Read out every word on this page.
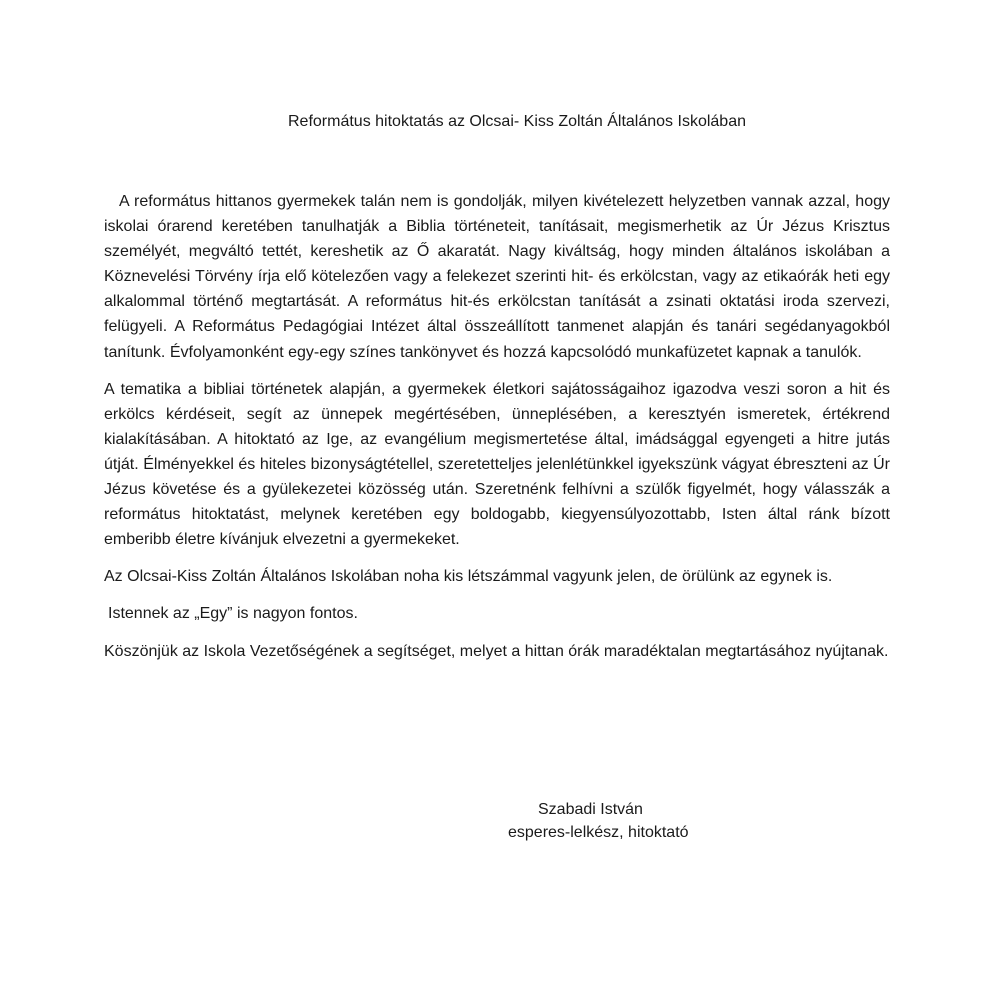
Református hitoktatás az Olcsai- Kiss Zoltán Általános Iskolában

A református hittanos gyermekek talán nem is gondolják, milyen kivételezett helyzetben vannak azzal, hogy iskolai órarend keretében tanulhatják a Biblia történeteit, tanításait, megismerhetik az Úr Jézus Krisztus személyét, megváltó tettét, kereshetik az Ő akaratát. Nagy kiváltság, hogy minden általános iskolában a Köznevelési Törvény írja elő kötelezően vagy a felekezet szerinti hit- és erkölcstan, vagy az etikaórák heti egy alkalommal történő megtartását. A református hit-és erkölcstan tanítását a zsinati oktatási iroda szervezi, felügyeli. A Református Pedagógiai Intézet által összeállított tanmenet alapján és tanári segédanyagokból tanítunk. Évfolyamonként egy-egy színes tankönyvet és hozzá kapcsolódó munkafüzetet kapnak a tanulók.

A tematika a bibliai történetek alapján, a gyermekek életkori sajátosságaihoz igazodva veszi soron a hit és erkölcs kérdéseit, segít az ünnepek megértésében, ünneplésében, a keresztyén ismeretek, értékrend kialakításában. A hitoktató az Ige, az evangélium megismertetése által, imádsággal egyengeti a hitre jutás útját. Élményekkel és hiteles bizonyságtétellel, szeretetteljes jelenlétünkkel igyekszünk vágyat ébreszteni az Úr Jézus követése és a gyülekezetei közösség után. Szeretnénk felhívni a szülők figyelmét, hogy válasszák a református hitoktatást, melynek keretében egy boldogabb, kiegyensúlyozottabb, Isten által ránk bízott emberibb életre kívánjuk elvezetni a gyermekeket.

Az Olcsai-Kiss Zoltán Általános Iskolában noha kis létszámmal vagyunk jelen, de örülünk az egynek is.

Istennek az „Egy” is nagyon fontos.

Köszönjük az Iskola Vezetőségének a segítséget, melyet a hittan órák maradéktalan megtartásához nyújtanak.

Szabadi István
esperes-lelkész, hitoktató
